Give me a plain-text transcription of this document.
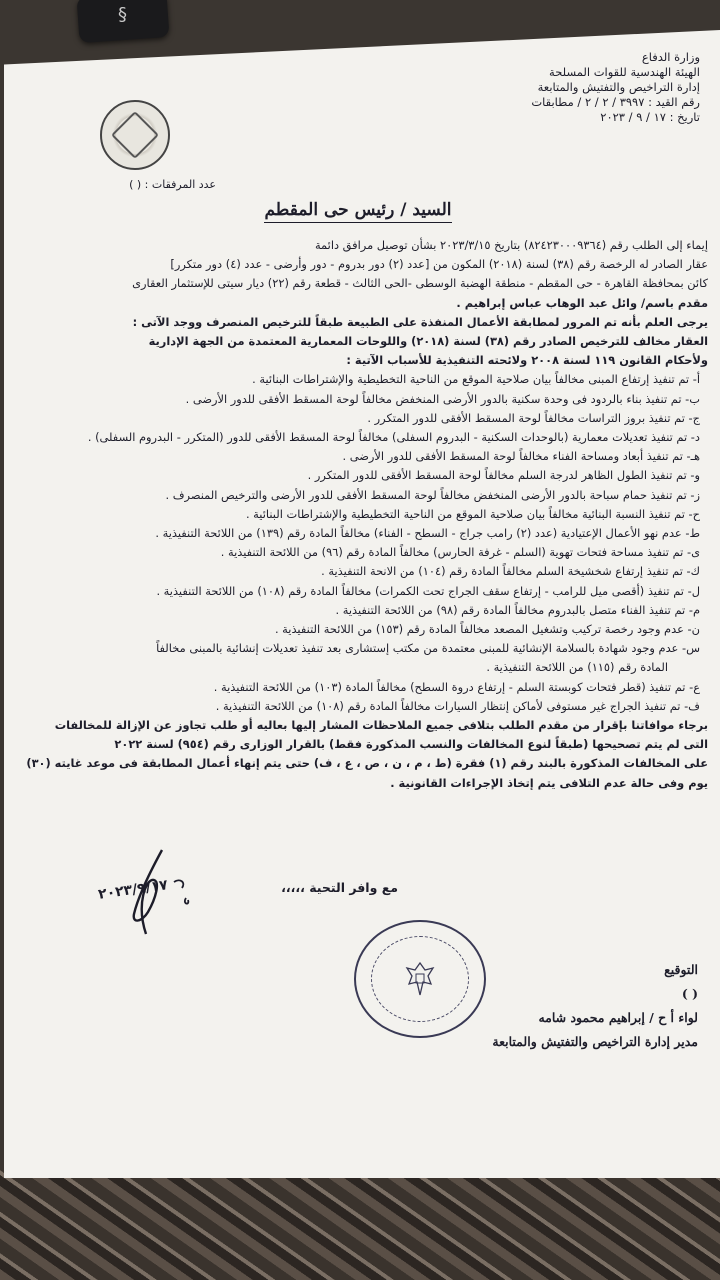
§
وزارة الدفاع
الهيئة الهندسية للقوات المسلحة
إدارة التراخيص والتفتيش والمتابعة
رقم القيد : ٣٩٩٧ / ٢ / ٢ / مطابقات
تاريخ : ١٧ / ٩ / ٢٠٢٣
عدد المرفقات : ( )
السيد / رئيس حى المقطم

إيماء إلى الطلب رقم (٨٢٤٢٣٠٠٠٩٣٦٤) بتاريخ ٢٠٢٣/٣/١٥ بشأن توصيل مرافق دائمة

عقار الصادر له الرخصة رقم (٣٨) لسنة (٢٠١٨) المكون من [عدد (٢) دور بدروم - دور وأرضى - عدد (٤) دور متكرر]

كائن بمحافظة القاهرة - حى المقطم - منطقة الهضبة الوسطى -الحى الثالث - قطعة رقم (٢٢) ديار سيتى للإستثمار العقارى

مقدم باسم/ وائل عبد الوهاب عباس إبراهيم .

يرجى العلم بأنه تم المرور لمطابقة الأعمال المنفذة على الطبيعة طبقاً للترخيص المنصرف ووجد الآتى :

العقار مخالف للترخيص الصادر رقم (٣٨) لسنة (٢٠١٨) واللوحات المعمارية المعتمدة من الجهة الإدارية

ولأحكام القانون ١١٩ لسنة ٢٠٠٨ ولائحته التنفيذية للأسباب الآتية :

أ- تم تنفيذ إرتفاع المبنى مخالفاً بيان صلاحية الموقع من الناحية التخطيطية والإشتراطات البنائية .

ب- تم تنفيذ بناء بالردود فى وحدة سكنية بالدور الأرضى المنخفض مخالفاً لوحة المسقط الأفقى للدور الأرضى .

ج- تم تنفيذ بروز التراسات مخالفاً لوحة المسقط الأفقى للدور المتكرر .

د- تم تنفيذ تعديلات معمارية (بالوحدات السكنية - البدروم السفلى) مخالفاً لوحة المسقط الأفقى للدور (المتكرر - البدروم السفلى) .

هـ- تم تنفيذ أبعاد ومساحة الفناء مخالفاً لوحة المسقط الأفقى للدور الأرضى .

و- تم تنفيذ الطول الظاهر لدرجة السلم مخالفاً لوحة المسقط الأفقى للدور المتكرر .

ز- تم تنفيذ حمام سباحة بالدور الأرضى المنخفض مخالفاً لوحة المسقط الأفقى للدور الأرضى والترخيص المنصرف .

ح- تم تنفيذ النسبة البنائية مخالفاً بيان صلاحية الموقع من الناحية التخطيطية والإشتراطات البنائية .

ط- عدم نهو الأعمال الإعتيادية (عدد (٢) رامب جراج - السطح - الفناء) مخالفاً المادة رقم (١٣٩) من اللائحة التنفيذية .

ى- تم تنفيذ مساحة فتحات تهوية (السلم - غرفة الحارس) مخالفاً المادة رقم (٩٦) من اللائحة التنفيذية .

ك- تم تنفيذ إرتفاع شخشيخة السلم مخالفاً المادة رقم (١٠٤) من الانحة التنفيذية .

ل- تم تنفيذ (أقصى ميل للرامب - إرتفاع سقف الجراج تحت الكمرات) مخالفاً المادة رقم (١٠٨) من اللائحة التنفيذية .

م- تم تنفيذ الفناء متصل بالبدروم مخالفاً المادة رقم (٩٨) من اللائحة التنفيذية .

ن- عدم وجود رخصة تركيب وتشغيل المصعد مخالفاً المادة رقم (١٥٣) من اللائحة التنفيذية .

س- عدم وجود شهادة بالسلامة الإنشائية للمبنى معتمدة من مكتب إستشارى بعد تنفيذ تعديلات إنشائية بالمبنى مخالفاً

المادة رقم (١١٥) من اللائحة التنفيذية .

ع- تم تنفيذ (قطر فتحات كوبستة السلم - إرتفاع دروة السطح) مخالفاً المادة (١٠٣) من اللائحة التنفيذية .

ف- تم تنفيذ الجراج غير مستوفى لأماكن إنتظار السيارات مخالفاً المادة رقم (١٠٨) من اللائحة التنفيذية .

برجاء موافاتنا بإقرار من مقدم الطلب بتلافى جميع الملاحظات المشار إليها بعاليه أو طلب تجاوز عن الإزالة للمخالفات

التى لم يتم تصحيحها (طبقاً لنوع المخالفات والنسب المذكورة فقط) بالقرار الوزارى رقم (٩٥٤) لسنة ٢٠٢٢

على المخالفات المذكورة بالبند رقم (١) فقرة (ط ، م ، ن ، ص ، ع ، ف) حتى يتم إنهاء أعمال المطابقة فى موعد غايته (٣٠)

يوم وفى حالة عدم التلافى يتم إتخاذ الإجراءات القانونية .

مع وافر التحية ،،،،،
٢٠٢٣/٩/١٧
التوقيع
( )
لواء أ ح / إبراهيم محمود شامه
مدير إدارة التراخيص والتفتيش والمتابعة
